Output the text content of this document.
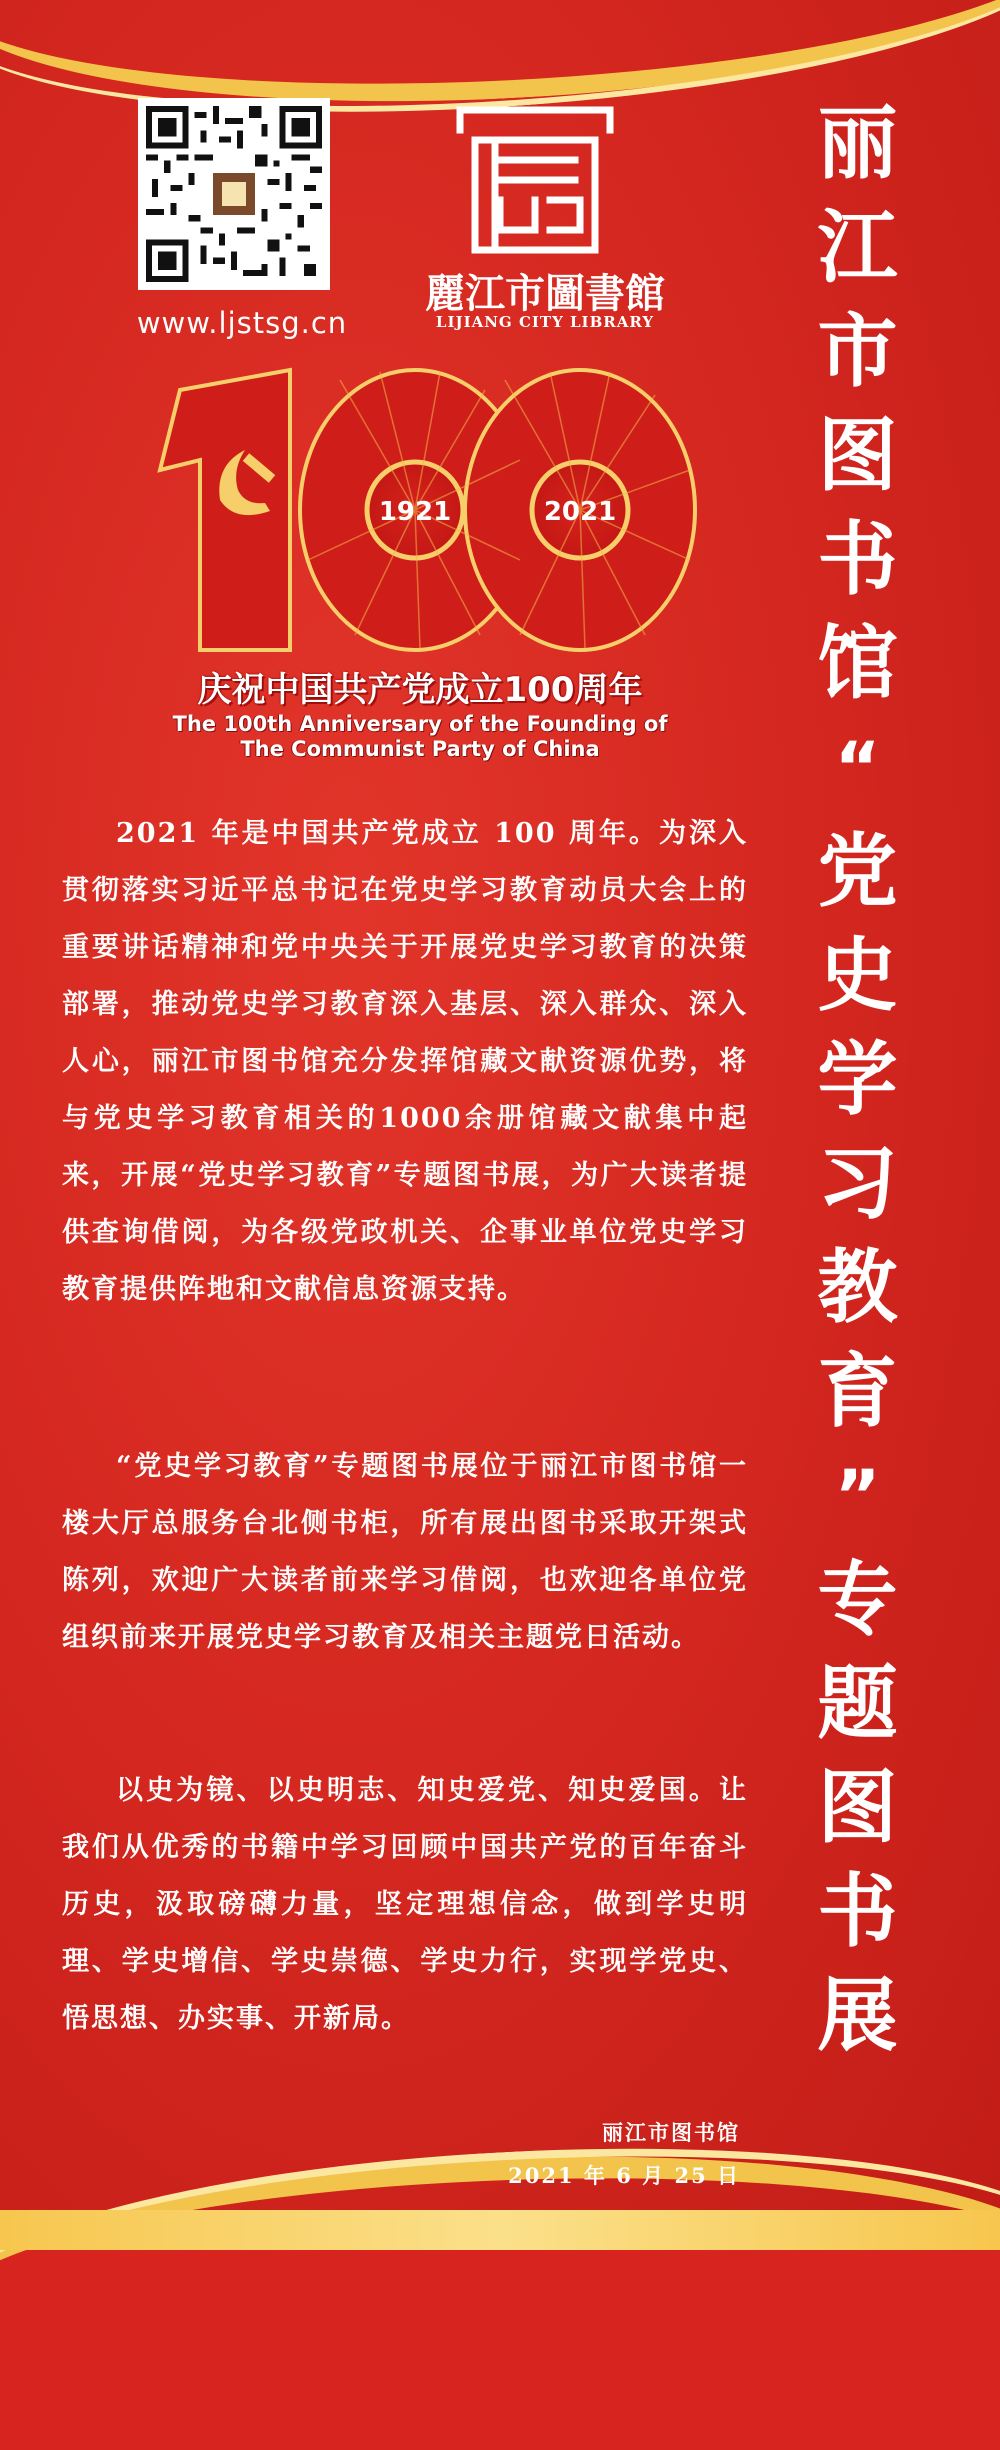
www.ljstsg.cn
麗江市圖書館
LIJIANG CITY LIBRARY
1921	2021
庆祝中国共产党成立100周年
The 100th Anniversary of the Founding of
The Communist Party of China

2021 年是中国共产党成立 100 周年。为深入贯彻落实习近平总书记在党史学习教育动员大会上的重要讲话精神和党中央关于开展党史学习教育的决策部署，推动党史学习教育深入基层、深入群众、深入人心，丽江市图书馆充分发挥馆藏文献资源优势，将与党史学习教育相关的1000余册馆藏文献集中起来，开展“党史学习教育”专题图书展，为广大读者提供查询借阅，为各级党政机关、企事业单位党史学习教育提供阵地和文献信息资源支持。

“党史学习教育”专题图书展位于丽江市图书馆一楼大厅总服务台北侧书柜，所有展出图书采取开架式陈列，欢迎广大读者前来学习借阅，也欢迎各单位党组织前来开展党史学习教育及相关主题党日活动。

以史为镜、以史明志、知史爱党、知史爱国。让我们从优秀的书籍中学习回顾中国共产党的百年奋斗历史，汲取磅礴力量，坚定理想信念，做到学史明理、学史增信、学史崇德、学史力行，实现学党史、悟思想、办实事、开新局。

丽江市图书馆
2021 年 6 月 25 日
丽
江
市
图
书
馆
“
党
史
学
习
教
育
”
专
题
图
书
展
